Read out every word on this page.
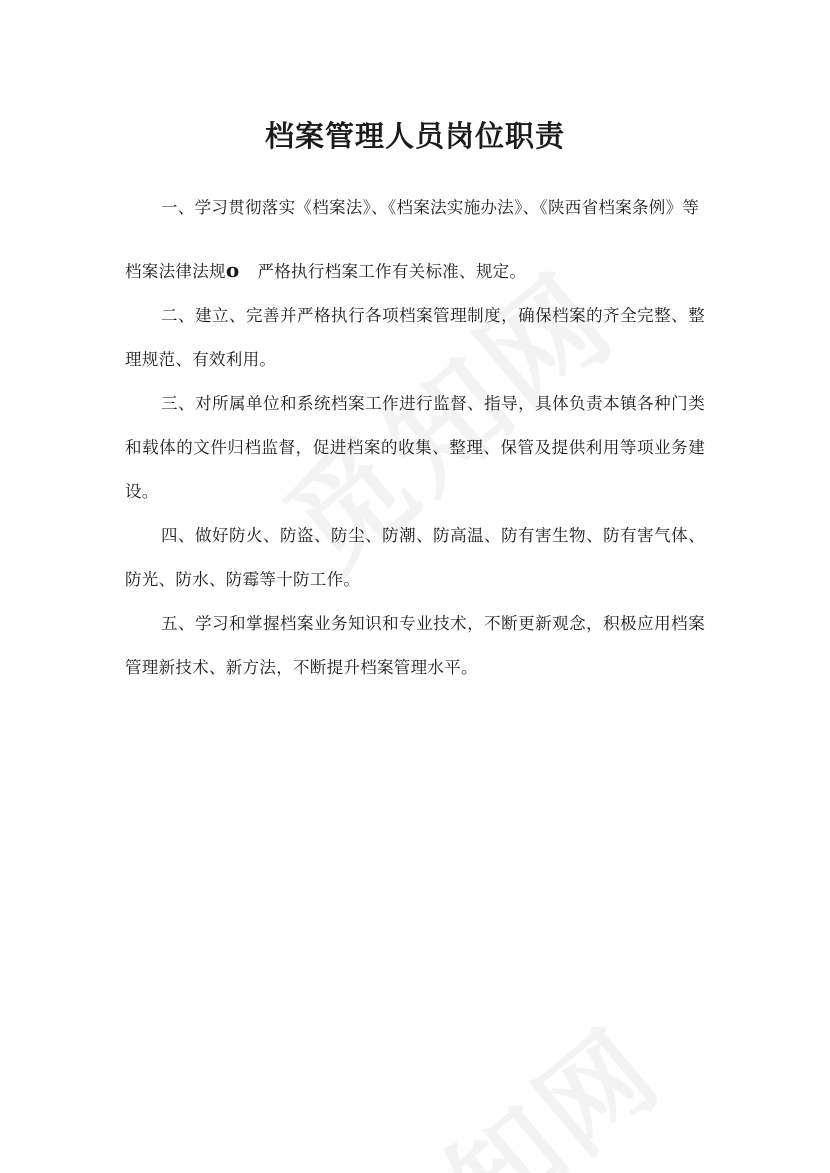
档案管理人员岗位职责

一、学习贯彻落实《档案法》、《档案法实施办法》、《陕西省档案条例》等

档案法律法规o 严格执行档案工作有关标准、规定。

二、建立、完善并严格执行各项档案管理制度，确保档案的齐全完整、整理规范、有效利用。

三、对所属单位和系统档案工作进行监督、指导，具体负责本镇各种门类和载体的文件归档监督，促进档案的收集、整理、保管及提供利用等项业务建设。

四、做好防火、防盗、防尘、防潮、防高温、防有害生物、防有害气体、防光、防水、防霉等十防工作。

五、学习和掌握档案业务知识和专业技术，不断更新观念，积极应用档案管理新技术、新方法，不断提升档案管理水平。
